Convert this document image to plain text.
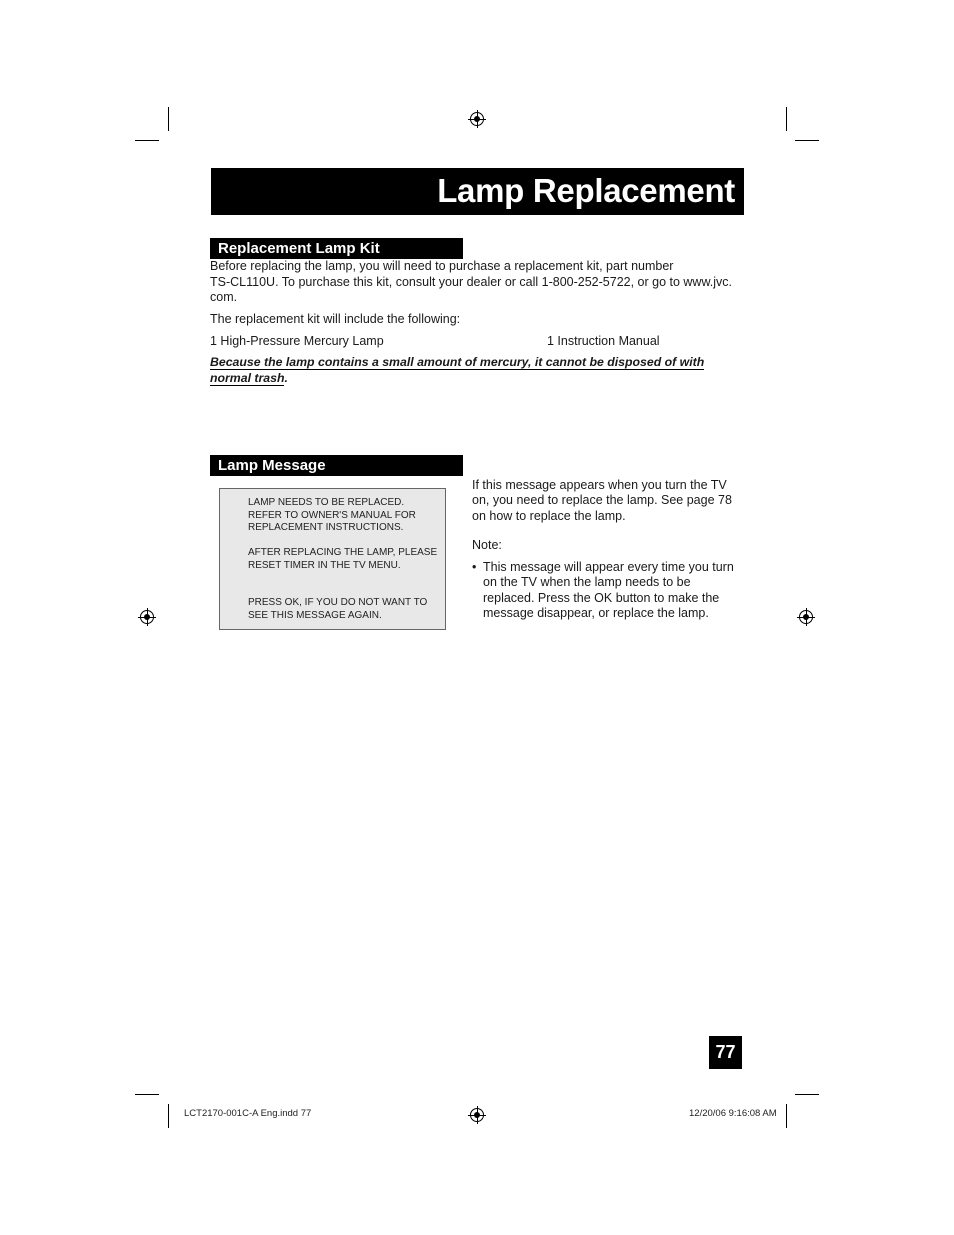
Lamp Replacement
Replacement Lamp Kit
Before replacing the lamp, you will need to purchase a replacement kit, part number
TS-CL110U. To purchase this kit, consult your dealer or call 1-800-252-5722, or go to www.jvc.
com.
The replacement kit will include the following:
1 High-Pressure Mercury Lamp	1 Instruction Manual
Because the lamp contains a small amount of mercury, it cannot be disposed of with
normal trash.
Lamp Message
LAMP NEEDS TO BE REPLACED. REFER TO OWNER'S MANUAL FOR REPLACEMENT INSTRUCTIONS.
AFTER REPLACING THE LAMP, PLEASE RESET TIMER IN THE TV MENU.
PRESS OK, IF YOU DO NOT WANT TO SEE THIS MESSAGE AGAIN.
If this message appears when you turn the TV on, you need to replace the lamp. See page 78 on how to replace the lamp.
Note:
• This message will appear every time you turn on the TV when the lamp needs to be replaced. Press the OK button to make the message disappear, or replace the lamp.
77
LCT2170-001C-A Eng.indd 77	12/20/06 9:16:08 AM
